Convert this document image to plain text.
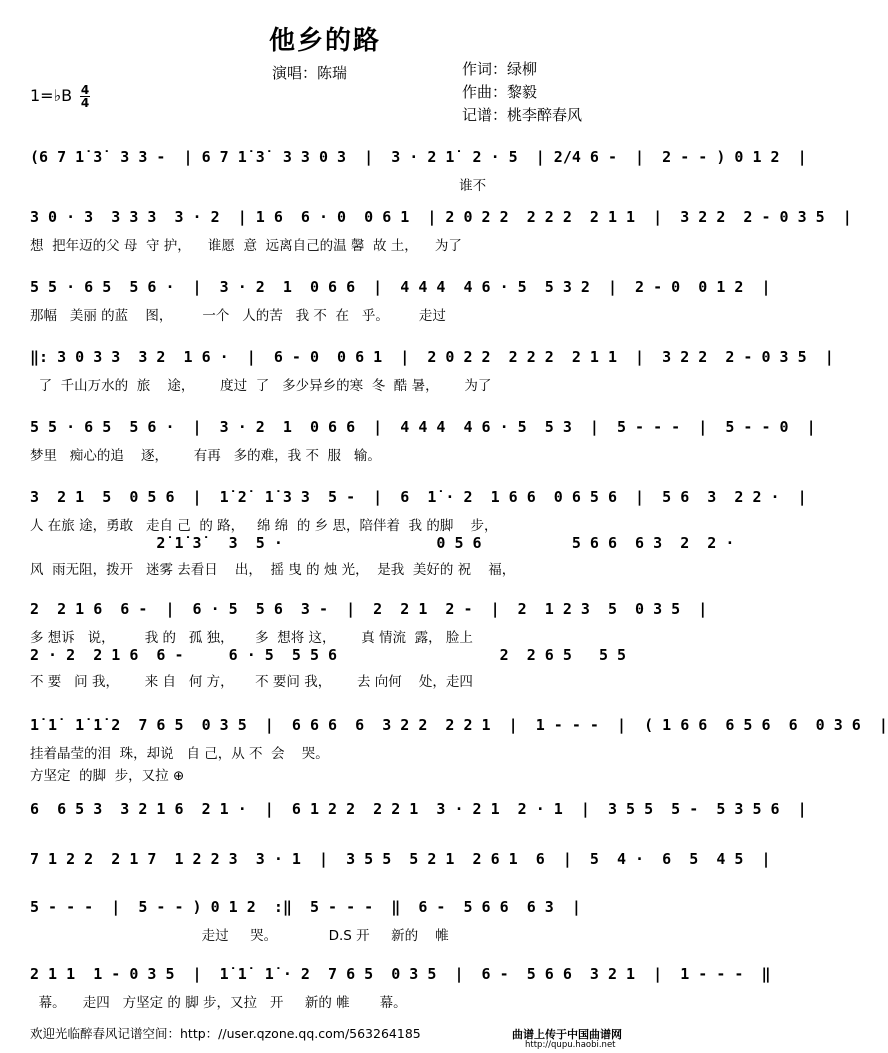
他乡的路
演唱：陈瑞	作词：绿柳
作曲：黎毅
记谱：桃李醉春风
1=♭B 4
4
(6 7 1̇ 3̇  3 3 -  | 6 7 1̇ 3̇  3 3 0 3  |  3 · 2 1̇  2 · 5  | 2/4 6 -  |  2 - - ) 0 1 2  |
谁不
3 0 · 3  3 3 3  3 · 2  | 1 6  6 · 0  0 6 1  | 2 0 2 2  2 2 2  2 1 1  |  3 2 2  2 - 0 3 5  |
想  把年迈的父 母  守 护，    谁愿  意  远离自己的温 馨  故 土，    为了
5 5 · 6 5  5 6 ·  |  3 · 2  1  0 6 6  |  4 4 4  4 6 · 5  5 3 2  |  2 - 0  0 1 2  |
那幅   美丽 的蓝    图，       一个   人的苦   我 不  在   乎。       走过
‖: 3 0 3 3  3 2  1 6 ·  |  6 - 0  0 6 1  |  2 0 2 2  2 2 2  2 1 1  |  3 2 2  2 - 0 3 5  |
了  千山万水的  旅    途，      度过  了   多少异乡的寒  冬  酷 暑，      为了
5 5 · 6 5  5 6 ·  |  3 · 2  1  0 6 6  |  4 4 4  4 6 · 5  5 3  |  5 - - -  |  5 - - 0  |
梦里   痴心的追    逐，      有再   多的难，我 不  服   输。
3  2 1  5  0 5 6  |  1̇ 2̇  1̇ 3 3  5 -  |  6  1̇ · 2  1 6 6  0 6 5 6  |  5 6  3  2 2 ·  |
2̇ 1̇ 3̇   3  5 ·                 0 5 6          5 6 6  6 3  2  2 ·
人 在旅 途，勇敢   走自 己  的 路，   绵 绵  的 乡 思，陪伴着  我 的脚    步，
风  雨无阻，拨开   迷雾 去看日    出，  摇 曳 的 烛 光，  是我  美好的 祝    福，
2  2 1 6  6 -  |  6 · 5  5 6  3 -  |  2  2 1  2 -  |  2  1 2 3  5  0 3 5  |
2 · 2  2 1 6  6 -     6 · 5  5 5 6                  2  2 6 5   5 5
多 想诉   说，       我 的   孤 独，     多  想将 这，      真 情流  露， 脸上
不 要   问 我，      来 自   何 方，     不 要问 我，      去 向何    处，走四
1̇ 1̇  1̇ 1̇ 2  7 6 5  0 3 5  |  6 6 6  6  3 2 2  2 2 1  |  1 - - -  |  ( 1 6 6  6 5 6  6  0 3 6  |
挂着晶莹的泪  珠，却说   自 己，从 不  会    哭。
方坚定  的脚  步，又拉 ⊕
6  6 5 3  3 2 1 6  2 1 ·  |  6 1 2 2  2 2 1  3 · 2 1  2 · 1  |  3 5 5  5 -  5 3 5 6  |
7 1 2 2  2 1 7  1 2 2 3  3 · 1  |  3 5 5  5 2 1  2 6 1  6  |  5  4 ·  6  5  4 5  |
5 - - -  |  5 - - ) 0 1 2  :‖  5 - - -  ‖  6 -  5 6 6  6 3  |
走过     哭。            D.S 开     新的    帷
2 1 1  1 - 0 3 5  |  1̇ 1̇  1̇ · 2  7 6 5  0 3 5  |  6 -  5 6 6  3 2 1  |  1 - - -  ‖
幕。    走四   方坚定 的 脚 步，又拉   开     新的 帷       幕。
欢迎光临醉春风记谱空间：http：//user.qzone.qq.com/563264185	曲谱上传于中国曲谱网
http://qupu.haobi.net
